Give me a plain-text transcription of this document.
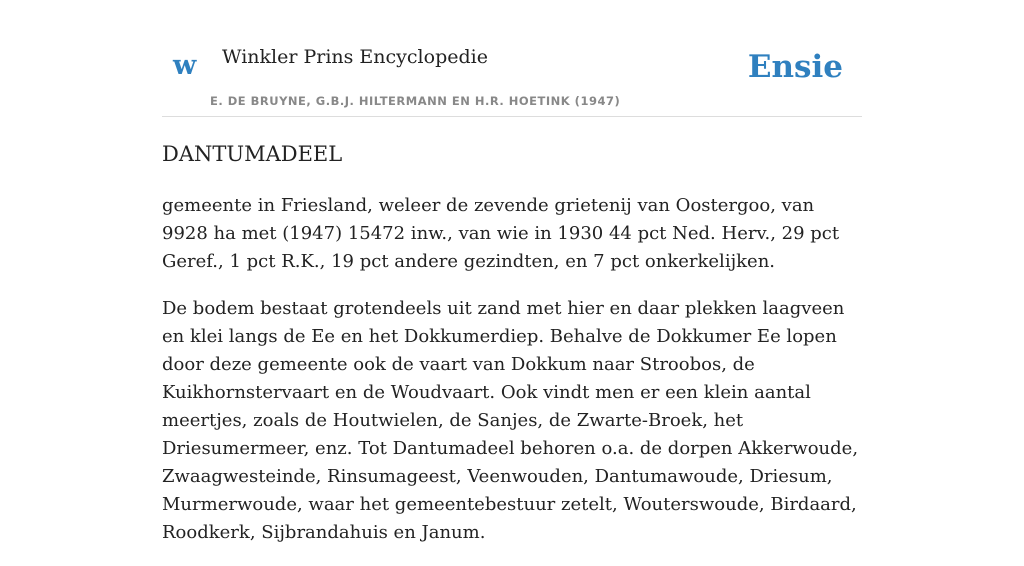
w Winkler Prins Encyclopedie
E. DE BRUYNE, G.B.J. HILTERMANN EN H.R. HOETINK (1947)
Ensie
DANTUMADEEL

gemeente in Friesland, weleer de zevende grietenij van Oostergoo, van 9928 ha met (1947) 15472 inw., van wie in 1930 44 pct Ned. Herv., 29 pct Geref., 1 pct R.K., 19 pct andere gezindten, en 7 pct onkerkelijken.

De bodem bestaat grotendeels uit zand met hier en daar plekken laagveen en klei langs de Ee en het Dokkumerdiep. Behalve de Dokkumer Ee lopen door deze gemeente ook de vaart van Dokkum naar Stroobos, de Kuikhornstervaart en de Woudvaart. Ook vindt men er een klein aantal meertjes, zoals de Houtwielen, de Sanjes, de Zwarte-Broek, het Driesumermeer, enz. Tot Dantumadeel behoren o.a. de dorpen Akkerwoude, Zwaagwesteinde, Rinsumageest, Veenwouden, Dantumawoude, Driesum, Murmerwoude, waar het gemeentebestuur zetelt, Wouterswoude, Birdaard, Roodkerk, Sijbrandahuis en Janum.
